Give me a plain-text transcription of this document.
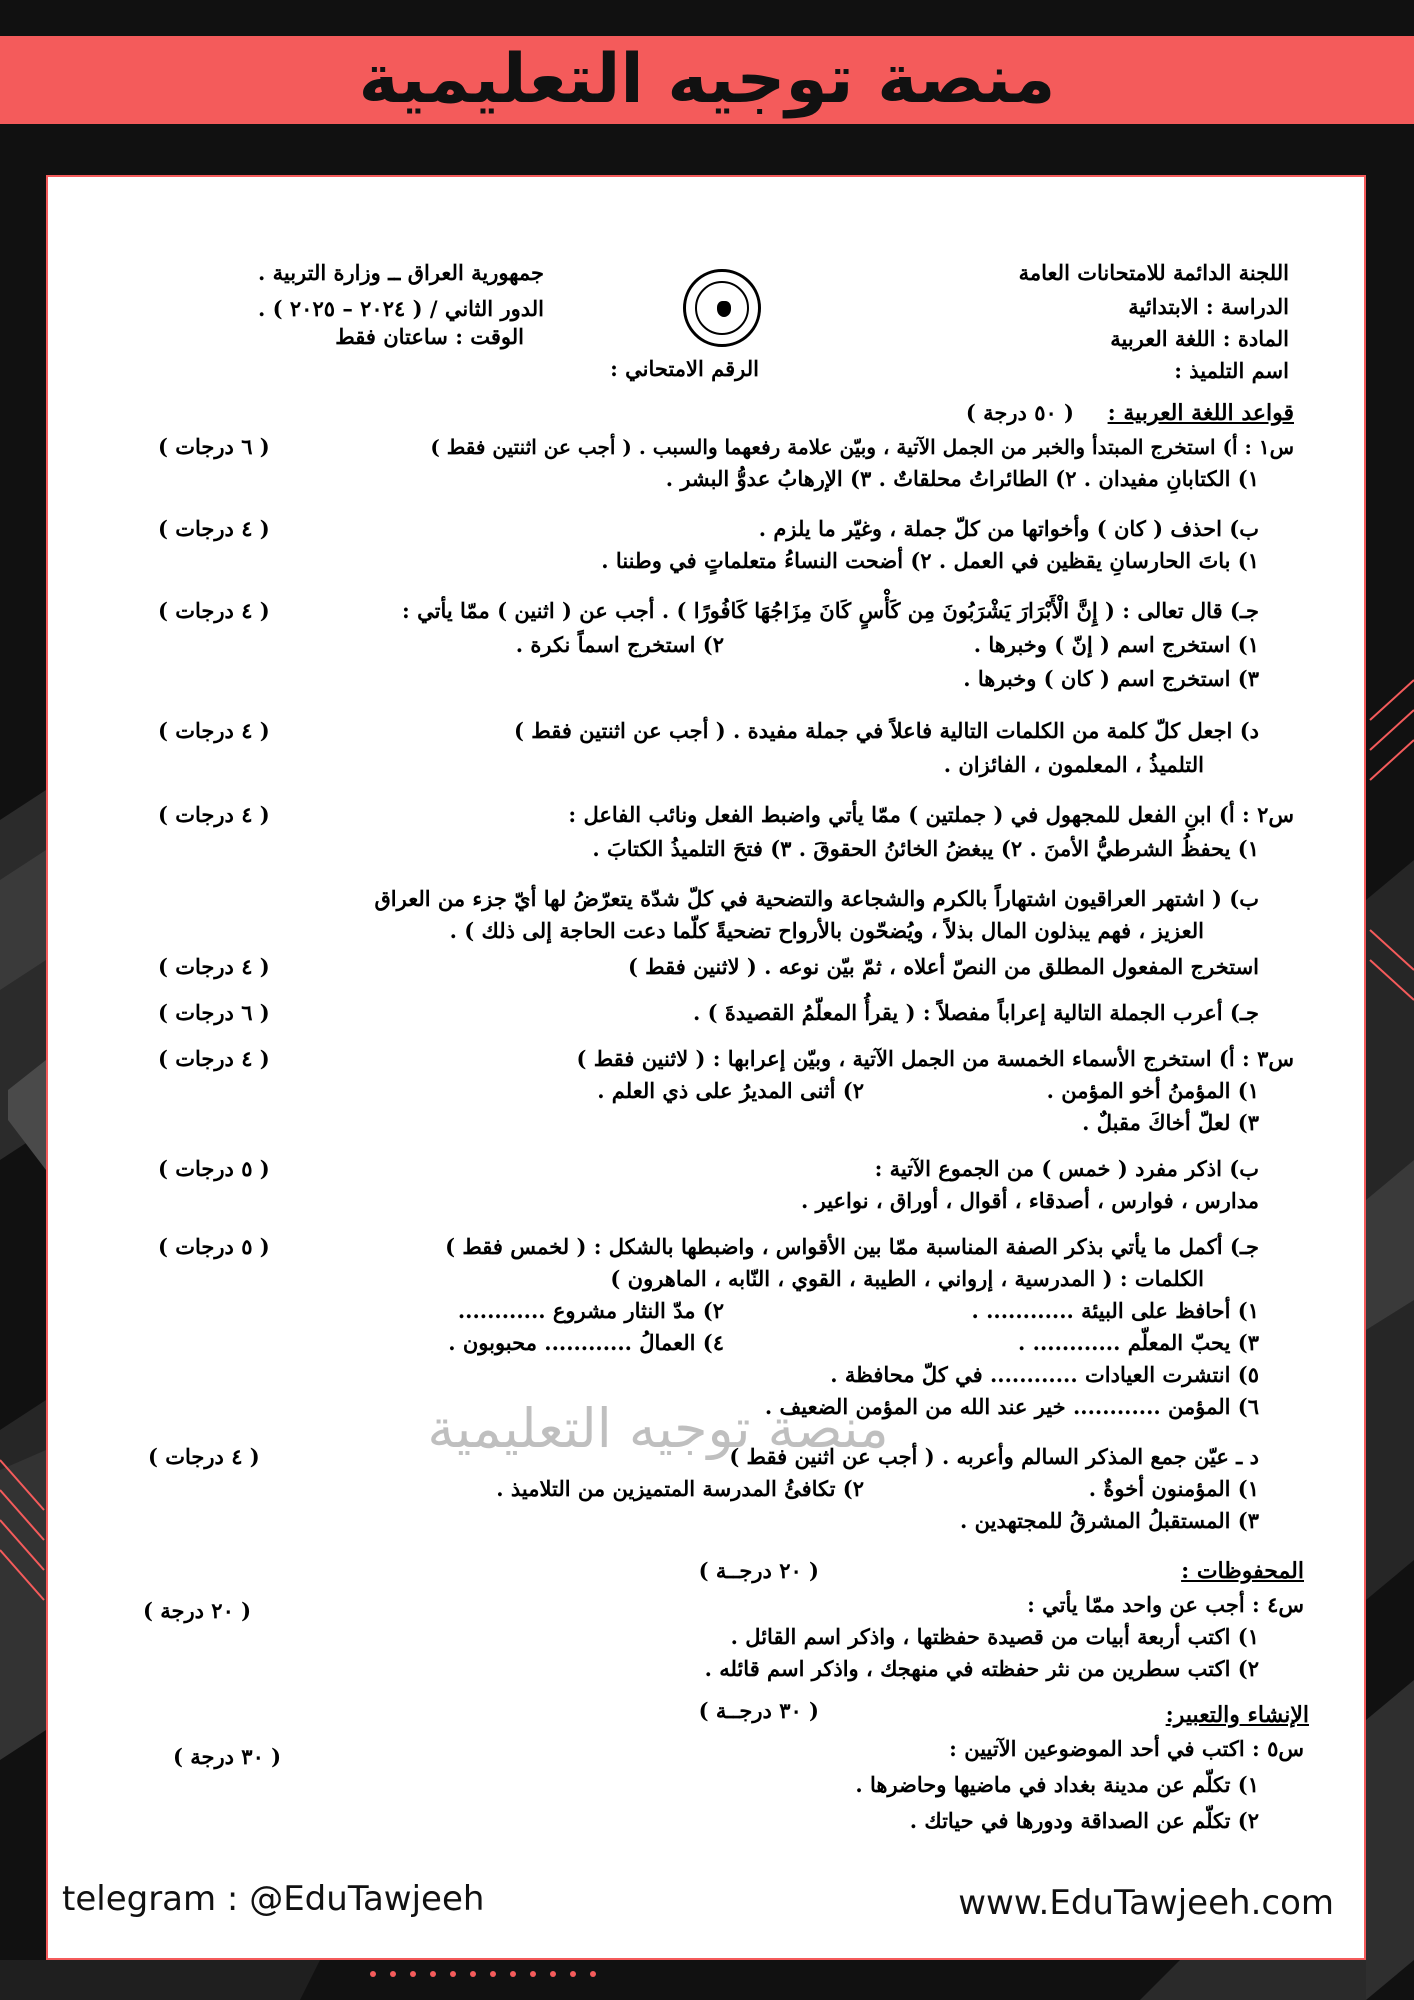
منصة توجيه التعليمية
اللجنة الدائمة للامتحانات العامة
الدراسة : الابتدائية
المادة : اللغة العربية
اسم التلميذ :
جمهورية العراق ــ وزارة التربية .
الدور الثاني / ( ٢٠٢٤ – ٢٠٢٥ ) .
الوقت : ساعتان فقط
الرقم الامتحاني :
قواعد اللغة العربية :
( ٥٠ درجة )
س١ : أ) استخرج المبتدأ والخبر من الجمل الآتية ، وبيّن علامة رفعهما والسبب . ( أجب عن اثنتين فقط )
( ٦ درجات )
١) الكتابانِ مفيدان . ٢) الطائراتُ محلقاتٌ . ٣) الإرهابُ عدوُّ البشر .
ب) احذف ( كان ) وأخواتها من كلّ جملة ، وغيّر ما يلزم .
( ٤ درجات )
١) باتَ الحارسانِ يقظين في العمل . ٢) أضحت النساءُ متعلماتٍ في وطننا .
جـ) قال تعالى : ( إِنَّ الْأَبْرَارَ يَشْرَبُونَ مِن كَأْسٍ كَانَ مِزَاجُهَا كَافُورًا ) . أجب عن ( اثنين ) ممّا يأتي :
( ٤ درجات )
١) استخرج اسم ( إنّ ) وخبرها .
٢) استخرج اسماً نكرة .
٣) استخرج اسم ( كان ) وخبرها .
د) اجعل كلّ كلمة من الكلمات التالية فاعلاً في جملة مفيدة . ( أجب عن اثنتين فقط )
( ٤ درجات )
التلميذُ ، المعلمون ، الفائزان .
س٢ : أ) ابنِ الفعل للمجهول في ( جملتين ) ممّا يأتي واضبط الفعل ونائب الفاعل :
( ٤ درجات )
١) يحفظُ الشرطيُّ الأمنَ . ٢) يبغضُ الخائنُ الحقوقَ . ٣) فتحَ التلميذُ الكتابَ .
ب) ( اشتهر العراقيون اشتهاراً بالكرم والشجاعة والتضحية في كلّ شدّة يتعرّضُ لها أيّ جزء من العراق
العزيز ، فهم يبذلون المال بذلاً ، ويُضحّون بالأرواح تضحيةً كلّما دعت الحاجة إلى ذلك ) .
استخرج المفعول المطلق من النصّ أعلاه ، ثمّ بيّن نوعه . ( لاثنين فقط )
( ٤ درجات )
جـ) أعرب الجملة التالية إعراباً مفصلاً : ( يقرأُ المعلّمُ القصيدةَ ) .
( ٦ درجات )
س٣ : أ) استخرج الأسماء الخمسة من الجمل الآتية ، وبيّن إعرابها : ( لاثنين فقط )
( ٤ درجات )
١) المؤمنُ أخو المؤمن .
٢) أثنى المديرُ على ذي العلم .
٣) لعلّ أخاكَ مقبلٌ .
ب) اذكر مفرد ( خمس ) من الجموع الآتية :
( ٥ درجات )
مدارس ، فوارس ، أصدقاء ، أقوال ، أوراق ، نواعير .
جـ) أكمل ما يأتي بذكر الصفة المناسبة ممّا بين الأقواس ، واضبطها بالشكل : ( لخمس فقط )
( ٥ درجات )
الكلمات : ( المدرسية ، إرواني ، الطيبة ، القوي ، النّابه ، الماهرون )
١) أحافظ على البيئة ............ .
٢) مدّ النثار مشروع ............
٣) يحبّ المعلّم ............ .
٤) العمالُ ............ محبوبون .
٥) انتشرت العيادات ............ في كلّ محافظة .
٦) المؤمن ............ خير عند الله من المؤمن الضعيف .
د ـ عيّن جمع المذكر السالم وأعربه . ( أجب عن اثنين فقط )
( ٤ درجات )
١) المؤمنون أخوةٌ .
٢) تكافئُ المدرسة المتميزين من التلاميذ .
٣) المستقبلُ المشرقُ للمجتهدين .
المحفوظات :
( ٢٠ درجــة )
س٤ : أجب عن واحد ممّا يأتي :
( ٢٠ درجة )
١) اكتب أربعة أبيات من قصيدة حفظتها ، واذكر اسم القائل .
٢) اكتب سطرين من نثر حفظته في منهجك ، واذكر اسم قائله .
الإنشاء والتعبير:
( ٣٠ درجــة )
س٥ : اكتب في أحد الموضوعين الآتيين :
( ٣٠ درجة )
١) تكلّم عن مدينة بغداد في ماضيها وحاضرها .
٢) تكلّم عن الصداقة ودورها في حياتك .
منصة توجيه التعليمية
telegram : @EduTawjeeh	www.EduTawjeeh.com
